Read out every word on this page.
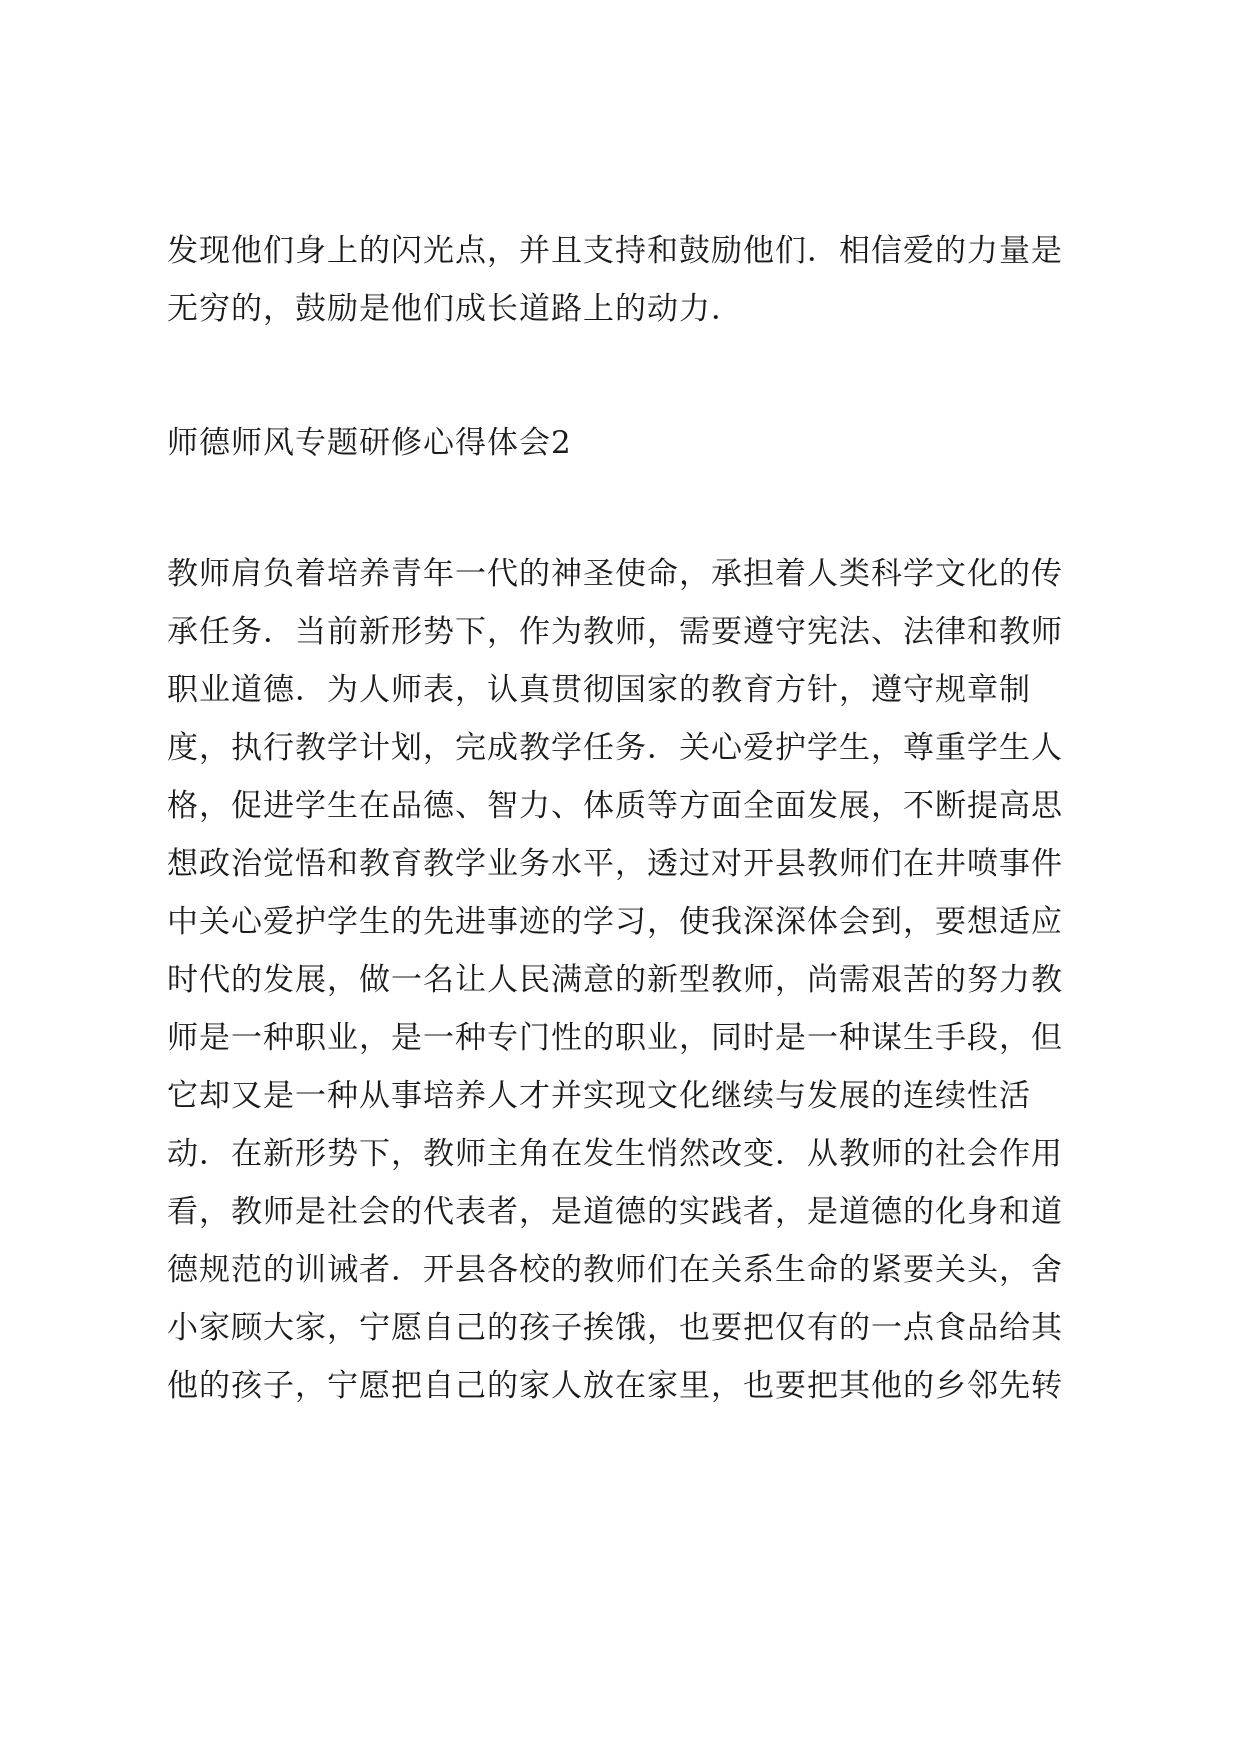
发现他们身上的闪光点，并且支持和鼓励他们．相信爱的力量是
无穷的，鼓励是他们成长道路上的动力．
师德师风专题研修心得体会2
教师肩负着培养青年一代的神圣使命，承担着人类科学文化的传
承任务．当前新形势下，作为教师，需要遵守宪法、法律和教师
职业道德．为人师表，认真贯彻国家的教育方针，遵守规章制
度，执行教学计划，完成教学任务．关心爱护学生，尊重学生人
格，促进学生在品德、智力、体质等方面全面发展，不断提高思
想政治觉悟和教育教学业务水平，透过对开县教师们在井喷事件
中关心爱护学生的先进事迹的学习，使我深深体会到，要想适应
时代的发展，做一名让人民满意的新型教师，尚需艰苦的努力教
师是一种职业，是一种专门性的职业，同时是一种谋生手段，但
它却又是一种从事培养人才并实现文化继续与发展的连续性活
动．在新形势下，教师主角在发生悄然改变．从教师的社会作用
看，教师是社会的代表者，是道德的实践者，是道德的化身和道
德规范的训诫者．开县各校的教师们在关系生命的紧要关头，舍
小家顾大家，宁愿自己的孩子挨饿，也要把仅有的一点食品给其
他的孩子，宁愿把自己的家人放在家里，也要把其他的乡邻先转
